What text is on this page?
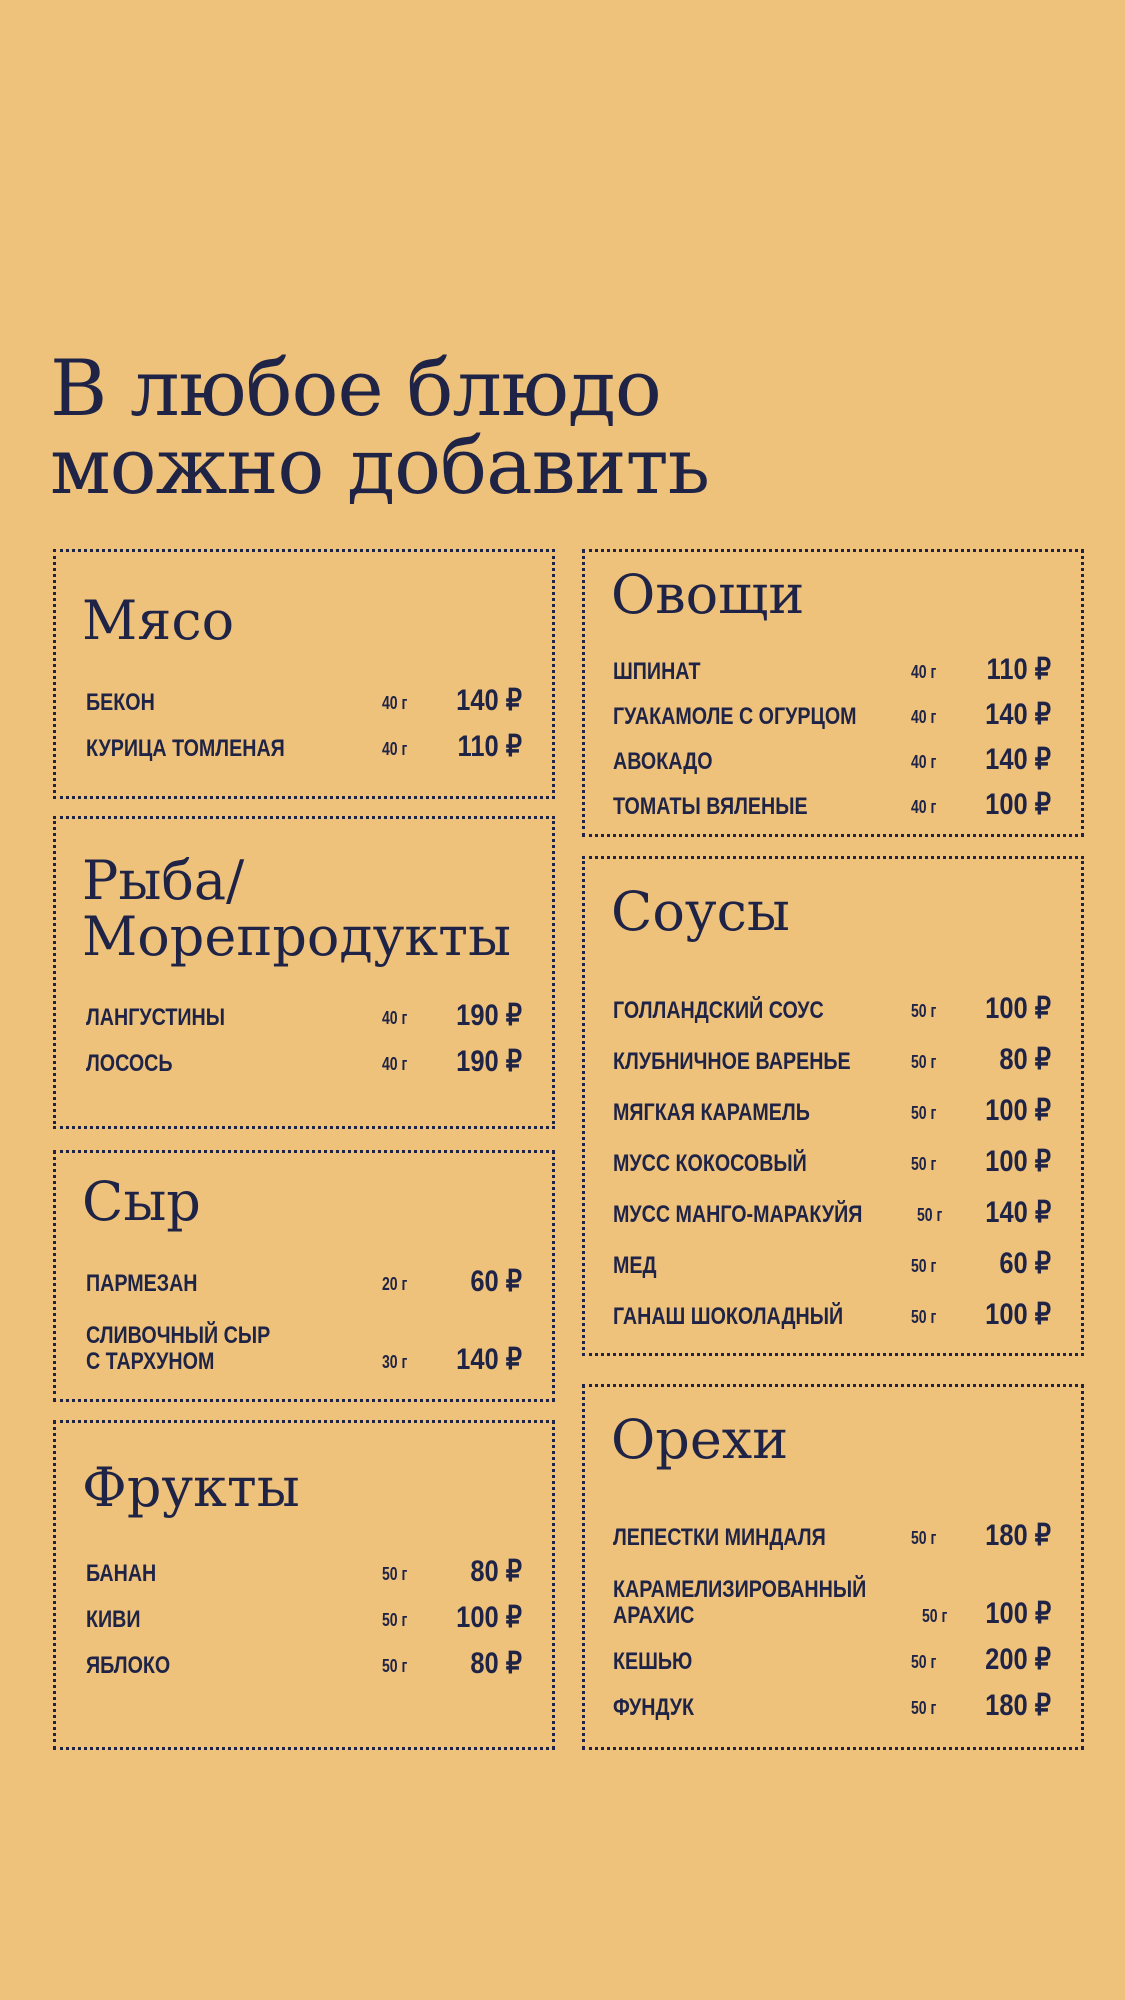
В любое блюдо
можно добавить
Мясо
БЕКОН	40 г	140 ₽
КУРИЦА ТОМЛЕНАЯ	40 г	110 ₽
Рыба/
Морепродукты
ЛАНГУСТИНЫ	40 г	190 ₽
ЛОСОСЬ	40 г	190 ₽
Сыр
ПАРМЕЗАН	20 г	60 ₽
СЛИВОЧНЫЙ СЫР
С ТАРХУНОМ	30 г	140 ₽
Фрукты
БАНАН	50 г	80 ₽
КИВИ	50 г	100 ₽
ЯБЛОКО	50 г	80 ₽
Овощи
ШПИНАТ	40 г	110 ₽
ГУАКАМОЛЕ С ОГУРЦОМ	40 г	140 ₽
АВОКАДО	40 г	140 ₽
ТОМАТЫ ВЯЛЕНЫЕ	40 г	100 ₽
Соусы
ГОЛЛАНДСКИЙ СОУС	50 г	100 ₽
КЛУБНИЧНОЕ ВАРЕНЬЕ	50 г	80 ₽
МЯГКАЯ КАРАМЕЛЬ	50 г	100 ₽
МУСС КОКОСОВЫЙ	50 г	100 ₽
МУСС МАНГО-МАРАКУЙЯ	50 г	140 ₽
МЕД	50 г	60 ₽
ГАНАШ ШОКОЛАДНЫЙ	50 г	100 ₽
Орехи
ЛЕПЕСТКИ МИНДАЛЯ	50 г	180 ₽
КАРАМЕЛИЗИРОВАННЫЙ
АРАХИС	50 г	100 ₽
КЕШЬЮ	50 г	200 ₽
ФУНДУК	50 г	180 ₽
